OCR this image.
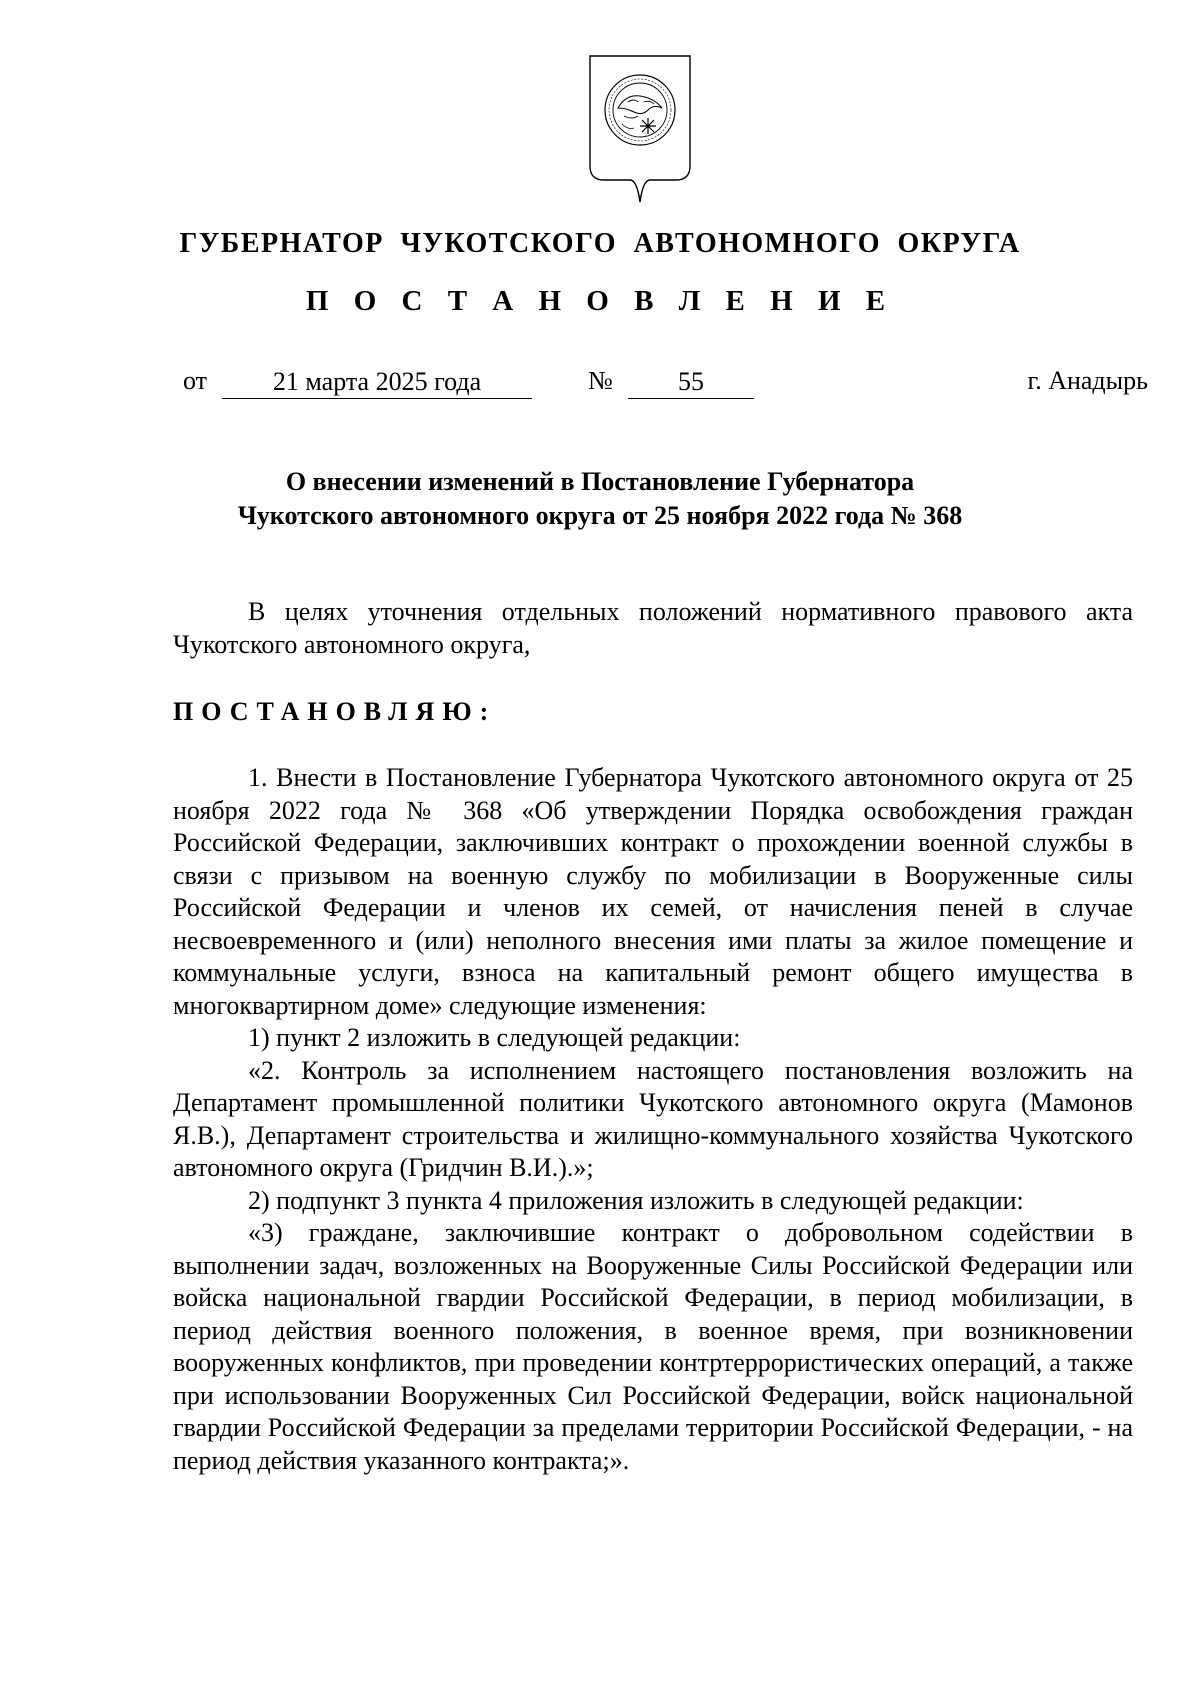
ГУБЕРНАТОР ЧУКОТСКОГО АВТОНОМНОГО ОКРУГА
П О С Т А Н О В Л Е Н И Е
от	21 марта 2025 года	№	55	г. Анадырь
О внесении изменений в Постановление Губернатора
Чукотского автономного округа от 25 ноября 2022 года № 368

В целях уточнения отдельных положений нормативного правового акта Чукотского автономного округа,

ПОСТАНОВЛЯЮ:

1. Внести в Постановление Губернатора Чукотского автономного округа от 25 ноября 2022 года № 368 «Об утверждении Порядка освобождения граждан Российской Федерации, заключивших контракт о прохождении военной службы в связи с призывом на военную службу по мобилизации в Вооруженные силы Российской Федерации и членов их семей, от начисления пеней в случае несвоевременного и (или) неполного внесения ими платы за жилое помещение и коммунальные услуги, взноса на капитальный ремонт общего имущества в многоквартирном доме» следующие изменения:

1) пункт 2 изложить в следующей редакции:

«2. Контроль за исполнением настоящего постановления возложить на Департамент промышленной политики Чукотского автономного округа (Мамонов Я.В.), Департамент строительства и жилищно-коммунального хозяйства Чукотского автономного округа (Гридчин В.И.).»;

2) подпункт 3 пункта 4 приложения изложить в следующей редакции:

«3) граждане, заключившие контракт о добровольном содействии в выполнении задач, возложенных на Вооруженные Силы Российской Федерации или войска национальной гвардии Российской Федерации, в период мобилизации, в период действия военного положения, в военное время, при возникновении вооруженных конфликтов, при проведении контртеррористических операций, а также при использовании Вооруженных Сил Российской Федерации, войск национальной гвардии Российской Федерации за пределами территории Российской Федерации, - на период действия указанного контракта;».
